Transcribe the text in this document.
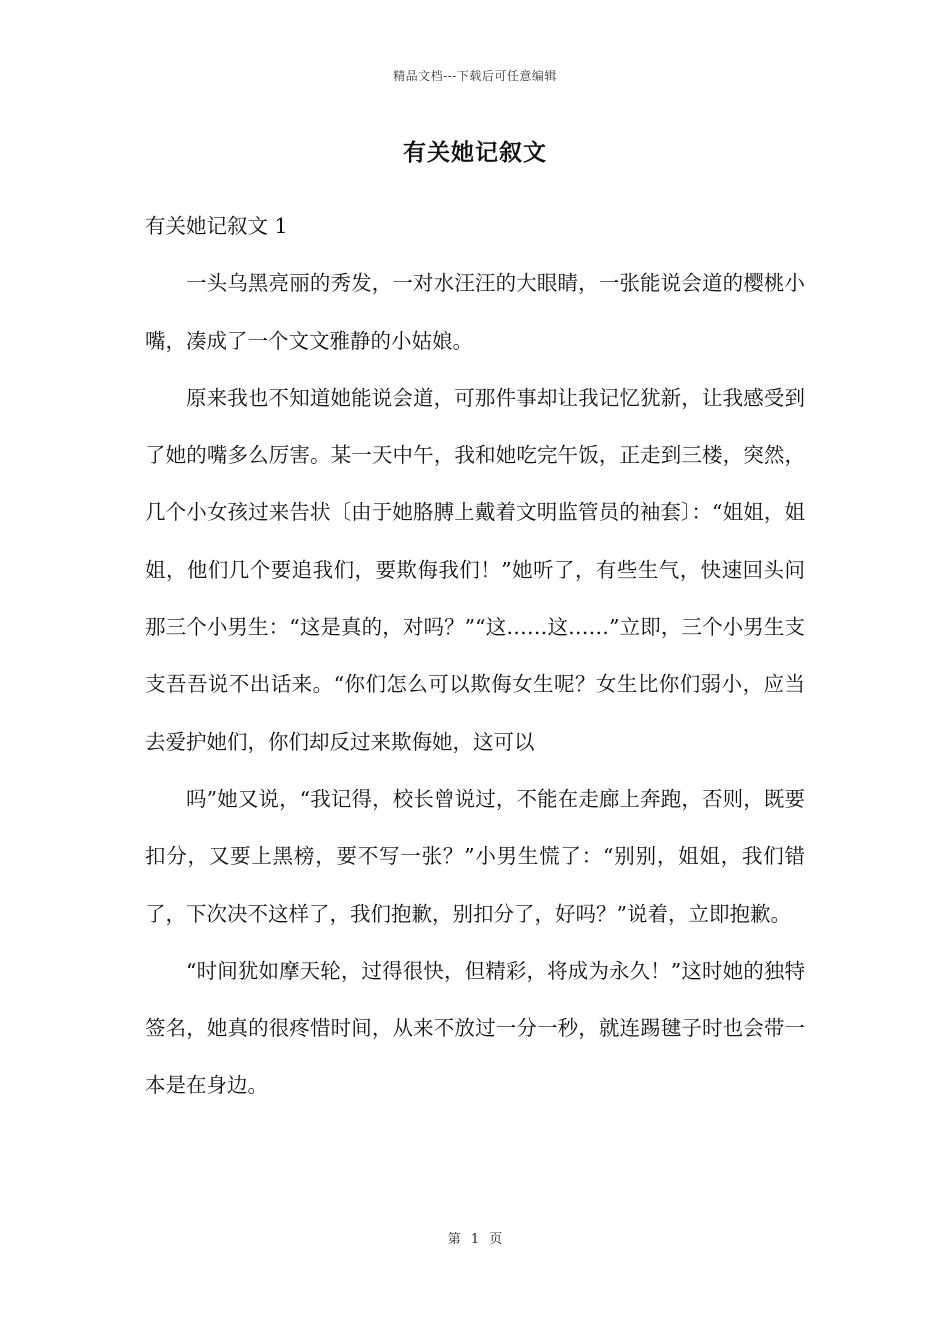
精品文档---下载后可任意编辑
有关她记叙文

有关她记叙文 1

一头乌黑亮丽的秀发，一对水汪汪的大眼睛，一张能说会道的樱桃小嘴，凑成了一个文文雅静的小姑娘。

原来我也不知道她能说会道，可那件事却让我记忆犹新，让我感受到了她的嘴多么厉害。某一天中午，我和她吃完午饭，正走到三楼，突然，几个小女孩过来告状〔由于她胳膊上戴着文明监管员的袖套〕：“姐姐，姐姐，他们几个要追我们，要欺侮我们！”她听了，有些生气，快速回头问那三个小男生：“这是真的，对吗？”“这……这……”立即，三个小男生支支吾吾说不出话来。“你们怎么可以欺侮女生呢？女生比你们弱小，应当去爱护她们，你们却反过来欺侮她，这可以

吗”她又说，“我记得，校长曾说过，不能在走廊上奔跑，否则，既要扣分，又要上黑榜，要不写一张？”小男生慌了：“别别，姐姐，我们错了，下次决不这样了，我们抱歉，别扣分了，好吗？”说着，立即抱歉。

“时间犹如摩天轮，过得很快，但精彩，将成为永久！”这时她的独特签名，她真的很疼惜时间，从来不放过一分一秒，就连踢毽子时也会带一本是在身边。

第 1 页
